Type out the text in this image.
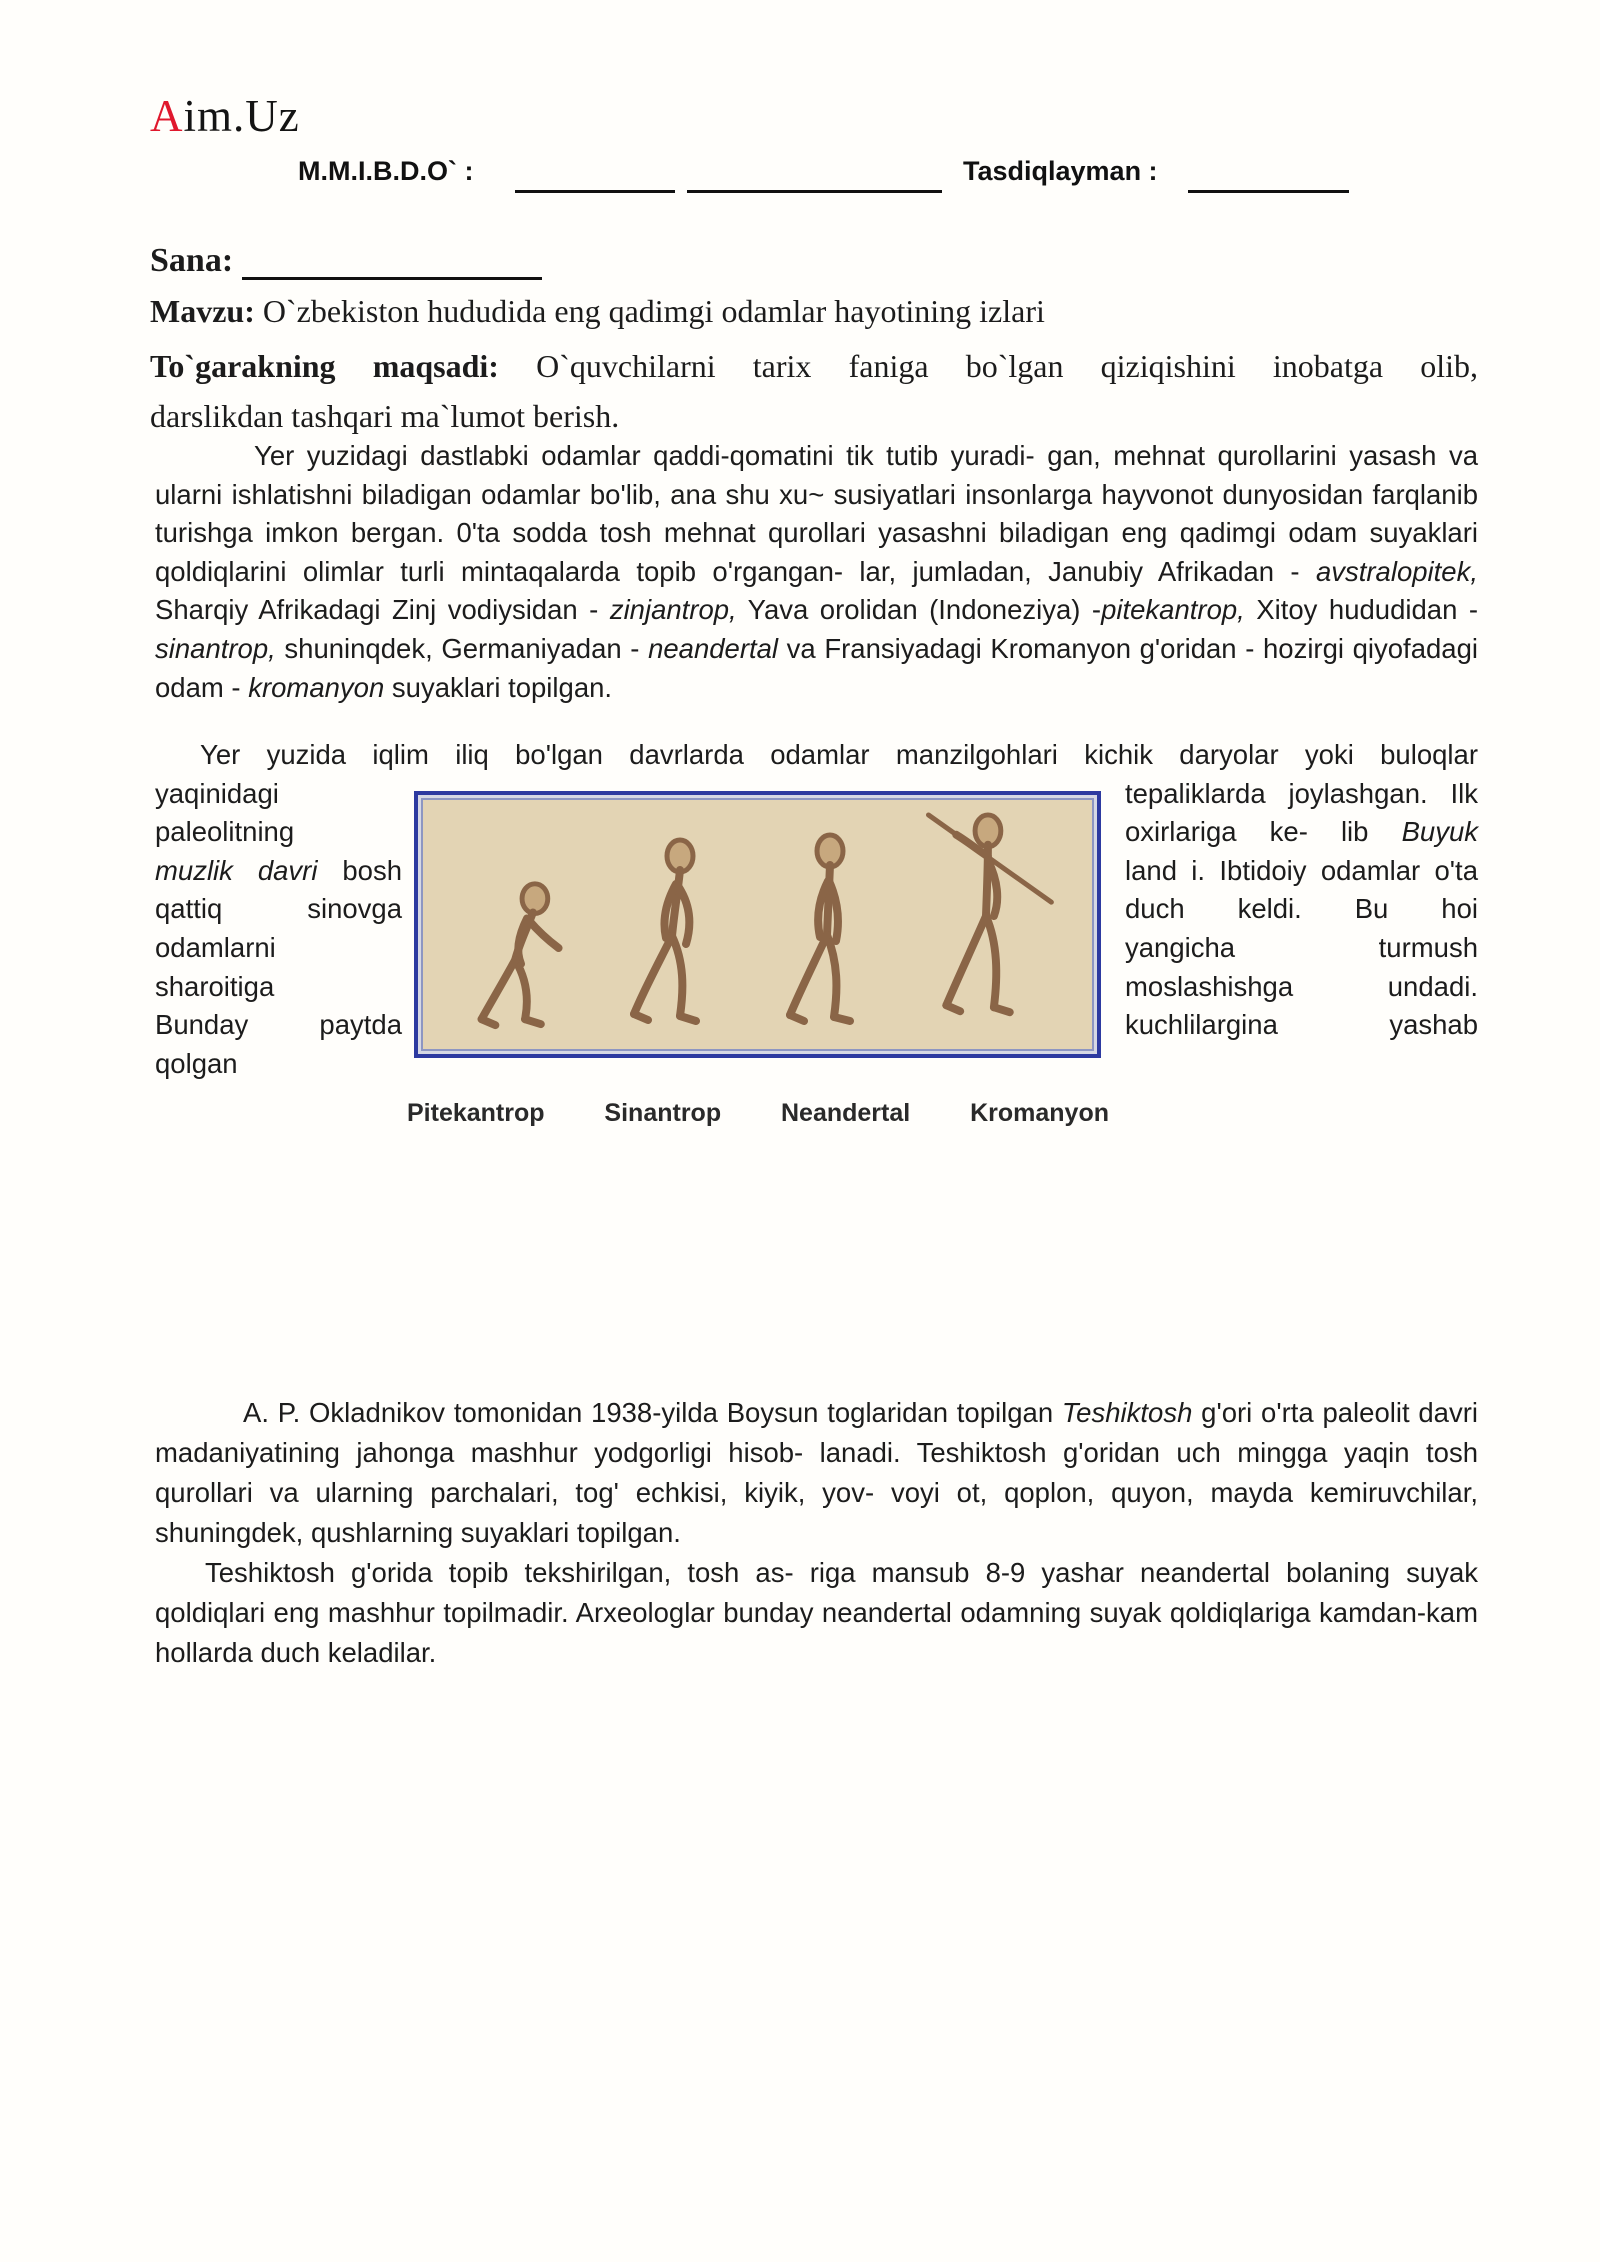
Aim.Uz
M.M.I.B.D.O` :	Tasdiqlayman :
Sana:
Mavzu: O`zbekiston hududida eng qadimgi odamlar hayotining izlari
To`garakning maqsadi: O`quvchilarni tarix faniga bo`lgan qiziqishini inobatga olib,
darslikdan tashqari ma`lumot berish.

Yer yuzidagi dastlabki odamlar qaddi-qomatini tik tutib yuradi- gan, mehnat qurollarini yasash va ularni ishlatishni biladigan odamlar bo'lib, ana shu xu~ susiyatlari insonlarga hayvonot dunyosidan farqlanib turishga imkon bergan. 0'ta sodda tosh mehnat qurollari yasashni biladigan eng qadimgi odam suyaklari qoldiqlarini olimlar turli mintaqalarda topib o'rgangan- lar, jumladan, Janubiy Afrikadan - avstralopitek, Sharqiy Afrikadagi Zinj vodiysidan - zinjantrop, Yava orolidan (Indoneziya) -pitekantrop, Xitoy hududidan - sinantrop, shuninqdek, Germaniyadan - neandertal va Fransiyadagi Kromanyon g'oridan - hozirgi qiyofadagi odam - kromanyon suyaklari topilgan.

Yer yuzida iqlim iliq bo'lgan davrlarda odamlar manzilgohlari kichik daryolar yoki buloqlar
yaqinidagi
paleolitning
muzlik davri bosh
qattiq sinovga
odamlarni
sharoitiga
Bunday paytda
qolgan
tepaliklarda joylashgan. Ilk
oxirlariga ke- lib Buyuk
land i. Ibtidoiy odamlar o'ta
duch keldi. Bu hoi
yangicha turmush
moslashishga undadi.
kuchlilargina yashab
Pitekantrop Sinantrop Neandertal Kromanyon

A. P. Okladnikov tomonidan 1938-yilda Boysun toglaridan topilgan Teshiktosh g'ori o'rta paleolit davri madaniyatining jahonga mashhur yodgorligi hisob- lanadi. Teshiktosh g'oridan uch mingga yaqin tosh qurollari va ularning parchalari, tog' echkisi, kiyik, yov- voyi ot, qoplon, quyon, mayda kemiruvchilar, shuningdek, qushlarning suyaklari topilgan.

Teshiktosh g'orida topib tekshirilgan, tosh as- riga mansub 8-9 yashar neandertal bolaning suyak qoldiqlari eng mashhur topilmadir. Arxeologlar bunday neandertal odamning suyak qoldiqlariga kamdan-kam hollarda duch keladilar.
